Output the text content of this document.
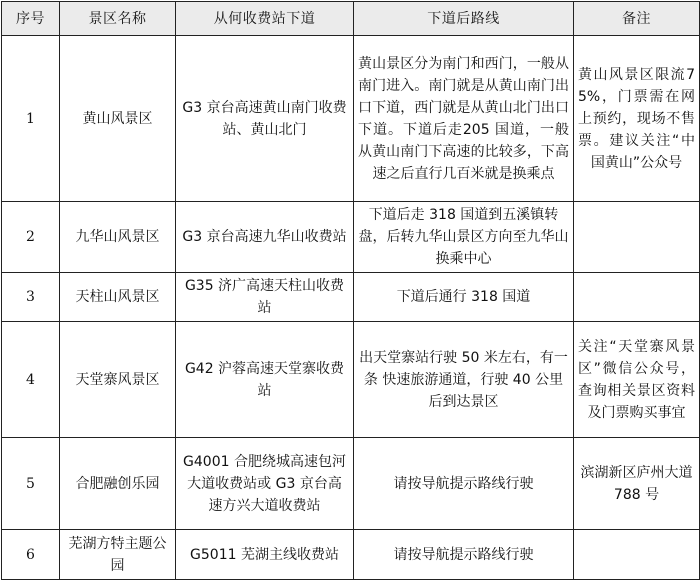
序号	景区名称	从何收费站下道	下道后路线	备注
1	黄山风景区	G3 京台高速黄山南门收费站、黄山北门	黄山景区分为南门和西门，一般从南门进入。南门就是从黄山南门出口下道，西门就是从黄山北门出口下道。下道后走205 国道，一般从黄山南门下高速的比较多，下高速之后直行几百米就是换乘点	黄山风景区限流75%，门票需在网上预约，现场不售票。建议关注“中国黄山”公众号
2	九华山风景区	G3 京台高速九华山收费站	下道后走 318 国道到五溪镇转盘，后转九华山景区方向至九华山换乘中心	
3	天柱山风景区	G35 济广高速天柱山收费站	下道后通行 318 国道	
4	天堂寨风景区	G42 沪蓉高速天堂寨收费站	出天堂寨站行驶 50 米左右，有一条 快速旅游通道，行驶 40 公里后到达景区	关注“天堂寨风景区”微信公众号，查询相关景区资料及门票购买事宜
5	合肥融创乐园	G4001 合肥绕城高速包河大道收费站或 G3 京台高速方兴大道收费站	请按导航提示路线行驶	滨湖新区庐州大道 788 号
6	芜湖方特主题公园	G5011 芜湖主线收费站	请按导航提示路线行驶	
